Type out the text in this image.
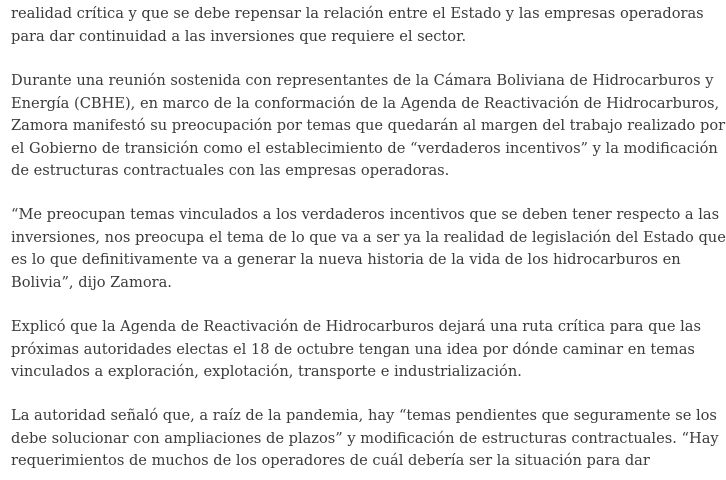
realidad crítica y que se debe repensar la relación entre el Estado y las empresas operadoras
para dar continuidad a las inversiones que requiere el sector.

Durante una reunión sostenida con representantes de la Cámara Boliviana de Hidrocarburos y
Energía (CBHE), en marco de la conformación de la Agenda de Reactivación de Hidrocarburos,
Zamora manifestó su preocupación por temas que quedarán al margen del trabajo realizado por
el Gobierno de transición como el establecimiento de “verdaderos incentivos” y la modificación
de estructuras contractuales con las empresas operadoras.

“Me preocupan temas vinculados a los verdaderos incentivos que se deben tener respecto a las
inversiones, nos preocupa el tema de lo que va a ser ya la realidad de legislación del Estado que
es lo que definitivamente va a generar la nueva historia de la vida de los hidrocarburos en
Bolivia”, dijo Zamora.

Explicó que la Agenda de Reactivación de Hidrocarburos dejará una ruta crítica para que las
próximas autoridades electas el 18 de octubre tengan una idea por dónde caminar en temas
vinculados a exploración, explotación, transporte e industrialización.

La autoridad señaló que, a raíz de la pandemia, hay “temas pendientes que seguramente se los
debe solucionar con ampliaciones de plazos” y modificación de estructuras contractuales. “Hay
requerimientos de muchos de los operadores de cuál debería ser la situación para dar
